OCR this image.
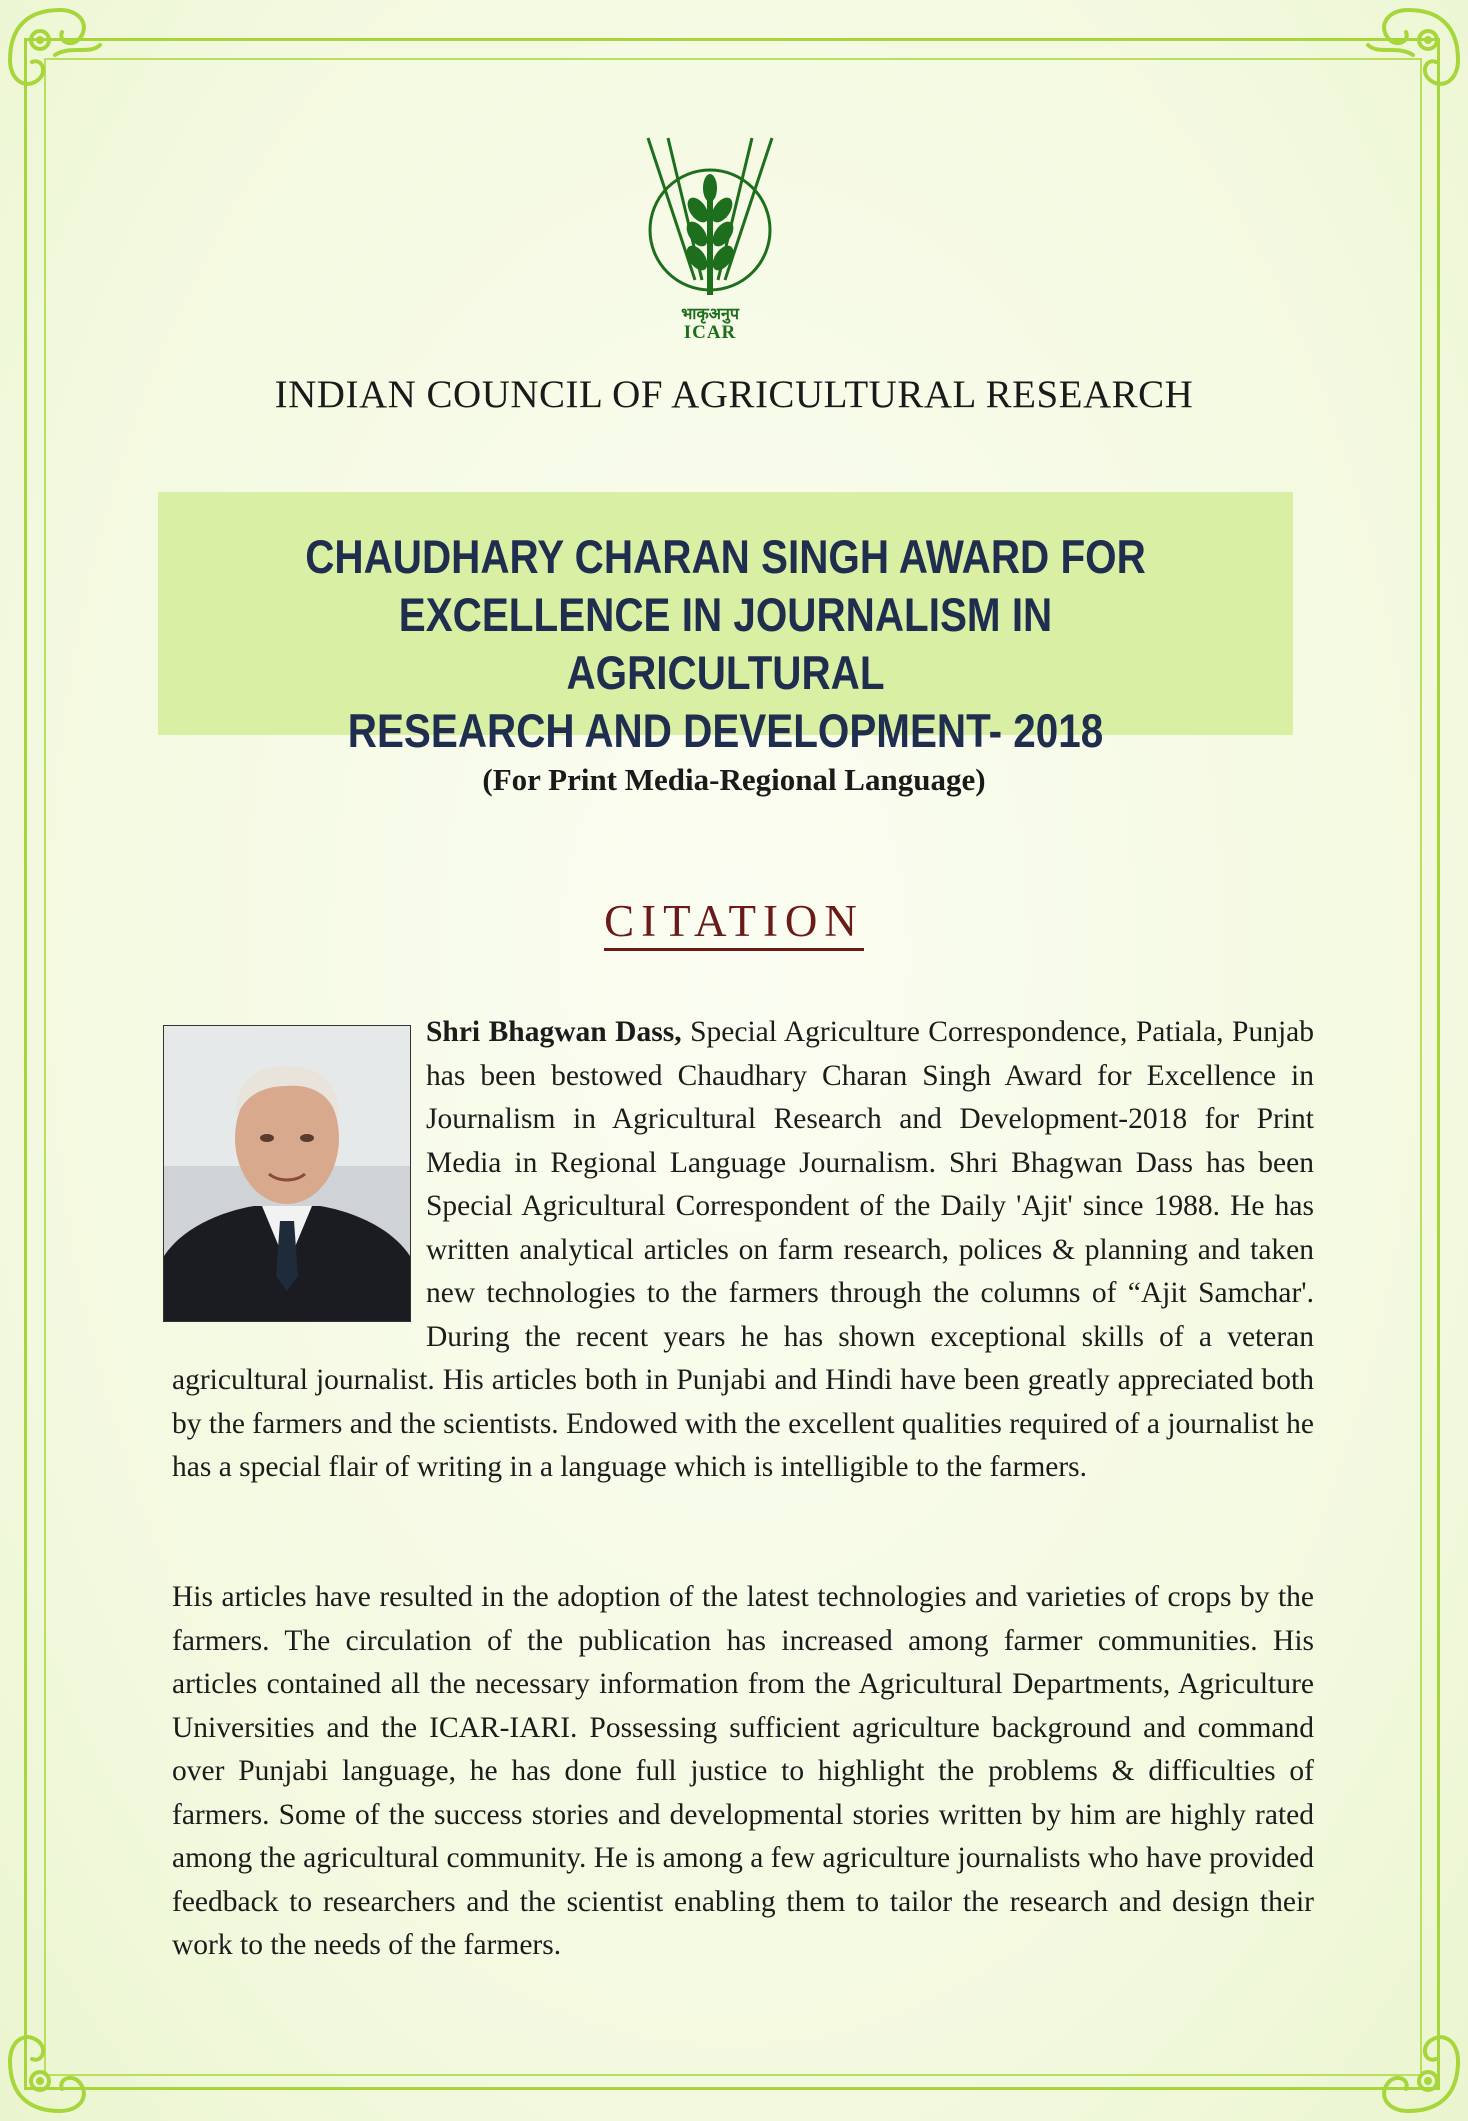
भाकृअनुप
ICAR
INDIAN COUNCIL OF AGRICULTURAL RESEARCH
CHAUDHARY CHARAN SINGH AWARD FOR
EXCELLENCE IN JOURNALISM IN AGRICULTURAL
RESEARCH AND DEVELOPMENT- 2018
(For Print Media-Regional Language)
CITATION
Shri Bhagwan Dass, Special Agriculture Correspondence, Patiala, Punjab has been bestowed Chaudhary Charan Singh Award for Excellence in Journalism in Agricultural Research and Development-2018 for Print Media in Regional Language Journalism. Shri Bhagwan Dass has been Special Agricultural Correspondent of the Daily 'Ajit' since 1988. He has written analytical articles on farm research, polices & planning and taken new technologies to the farmers through the columns of “Ajit Samchar'. During the recent years he has shown exceptional skills of a veteran agricultural journalist. His articles both in Punjabi and Hindi have been greatly appreciated both by the farmers and the scientists. Endowed with the excellent qualities required of a journalist he has a special flair of writing in a language which is intelligible to the farmers.
His articles have resulted in the adoption of the latest technologies and varieties of crops by the farmers. The circulation of the publication has increased among farmer communities. His articles contained all the necessary information from the Agricultural Departments, Agriculture Universities and the ICAR-IARI. Possessing sufficient agriculture background and command over Punjabi language, he has done full justice to highlight the problems & difficulties of farmers. Some of the success stories and developmental stories written by him are highly rated among the agricultural community. He is among a few agriculture journalists who have provided feedback to researchers and the scientist enabling them to tailor the research and design their work to the needs of the farmers.
